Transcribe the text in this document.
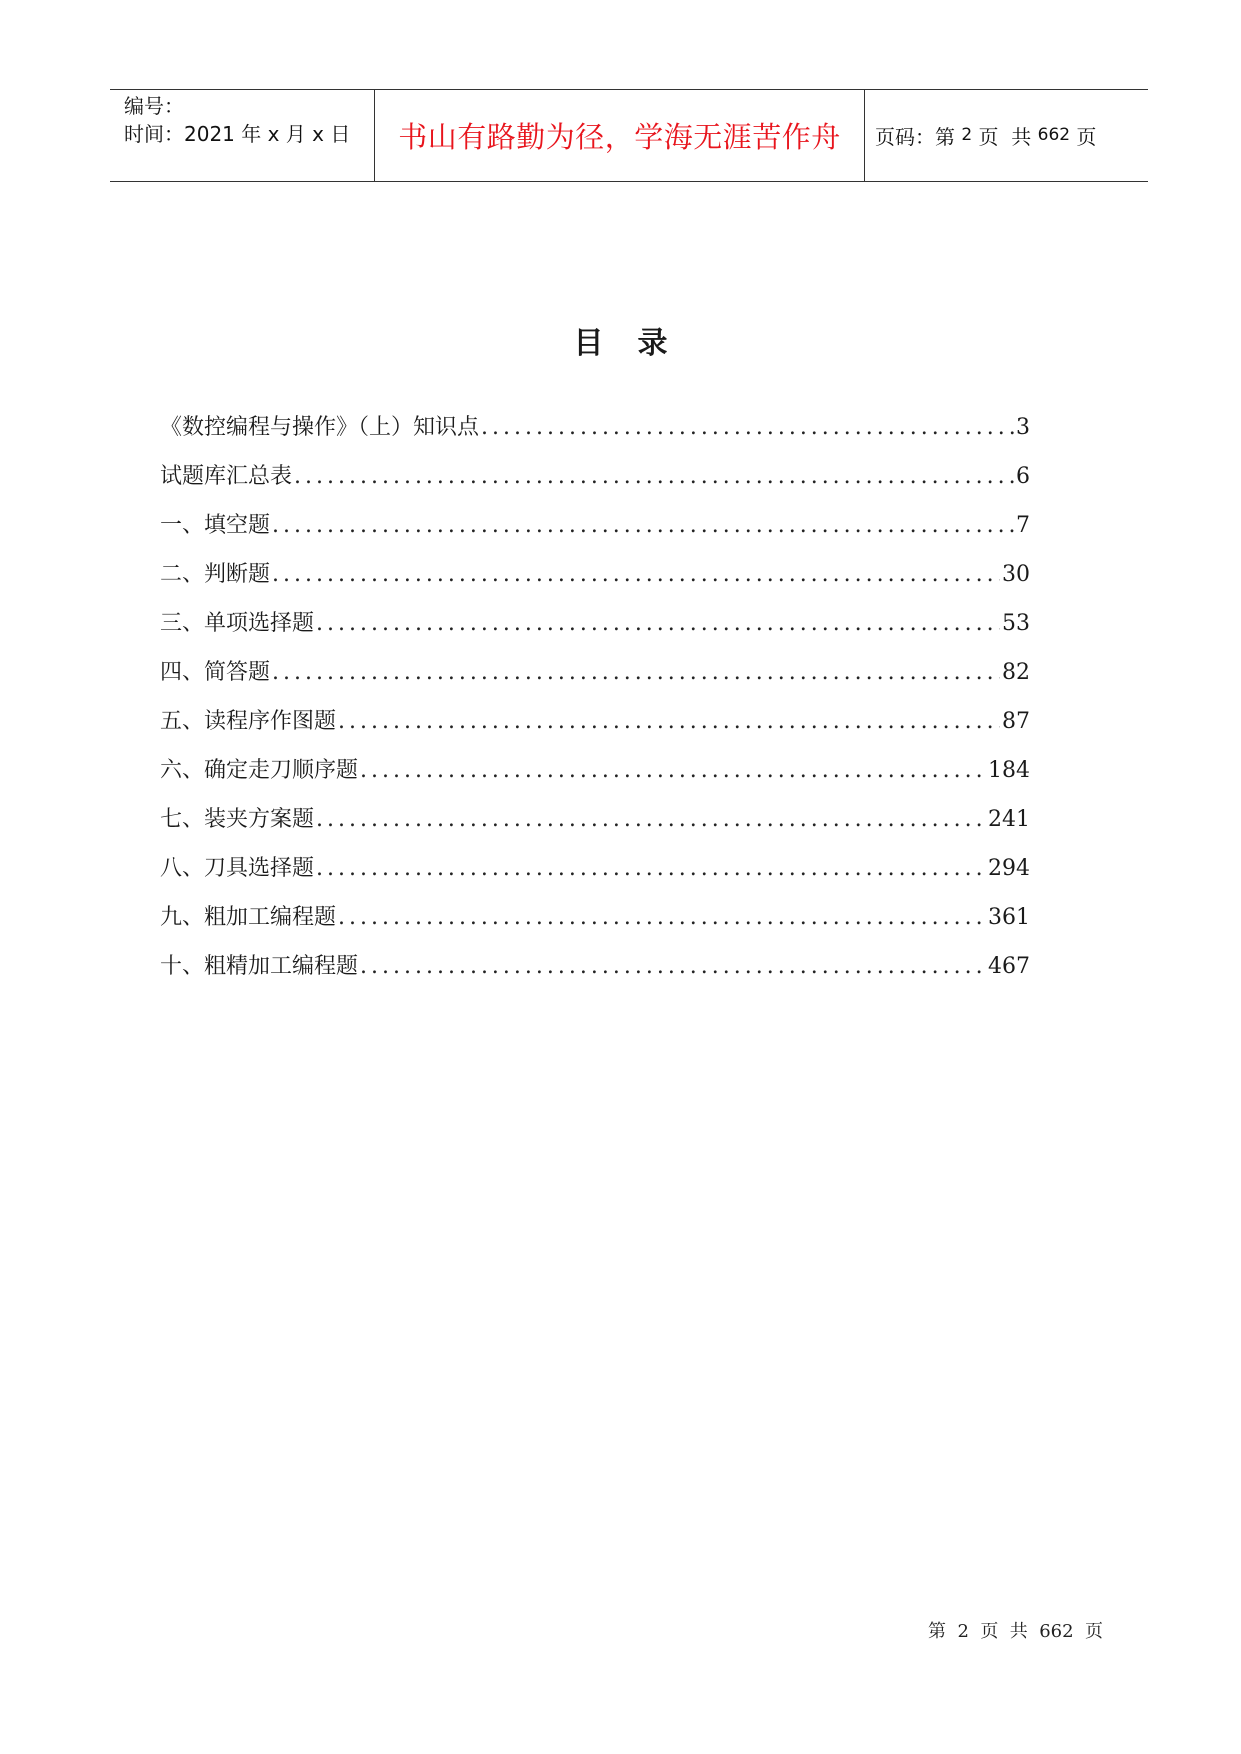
编号：
时间：2021 年 x 月 x 日	书山有路勤为径，学海无涯苦作舟	页码：第 2 页  共 662 页
目录
《数控编程与操作》（上）知识点 .....	3
试题库汇总表 .....	6
一、填空题 .....	7
二、判断题 .....	30
三、单项选择题 .....	53
四、简答题 .....	82
五、读程序作图题 .....	87
六、确定走刀顺序题 .....	184
七、装夹方案题 .....	241
八、刀具选择题 .....	294
九、粗加工编程题 .....	361
十、粗精加工编程题 .....	467
第  2  页  共  662  页
